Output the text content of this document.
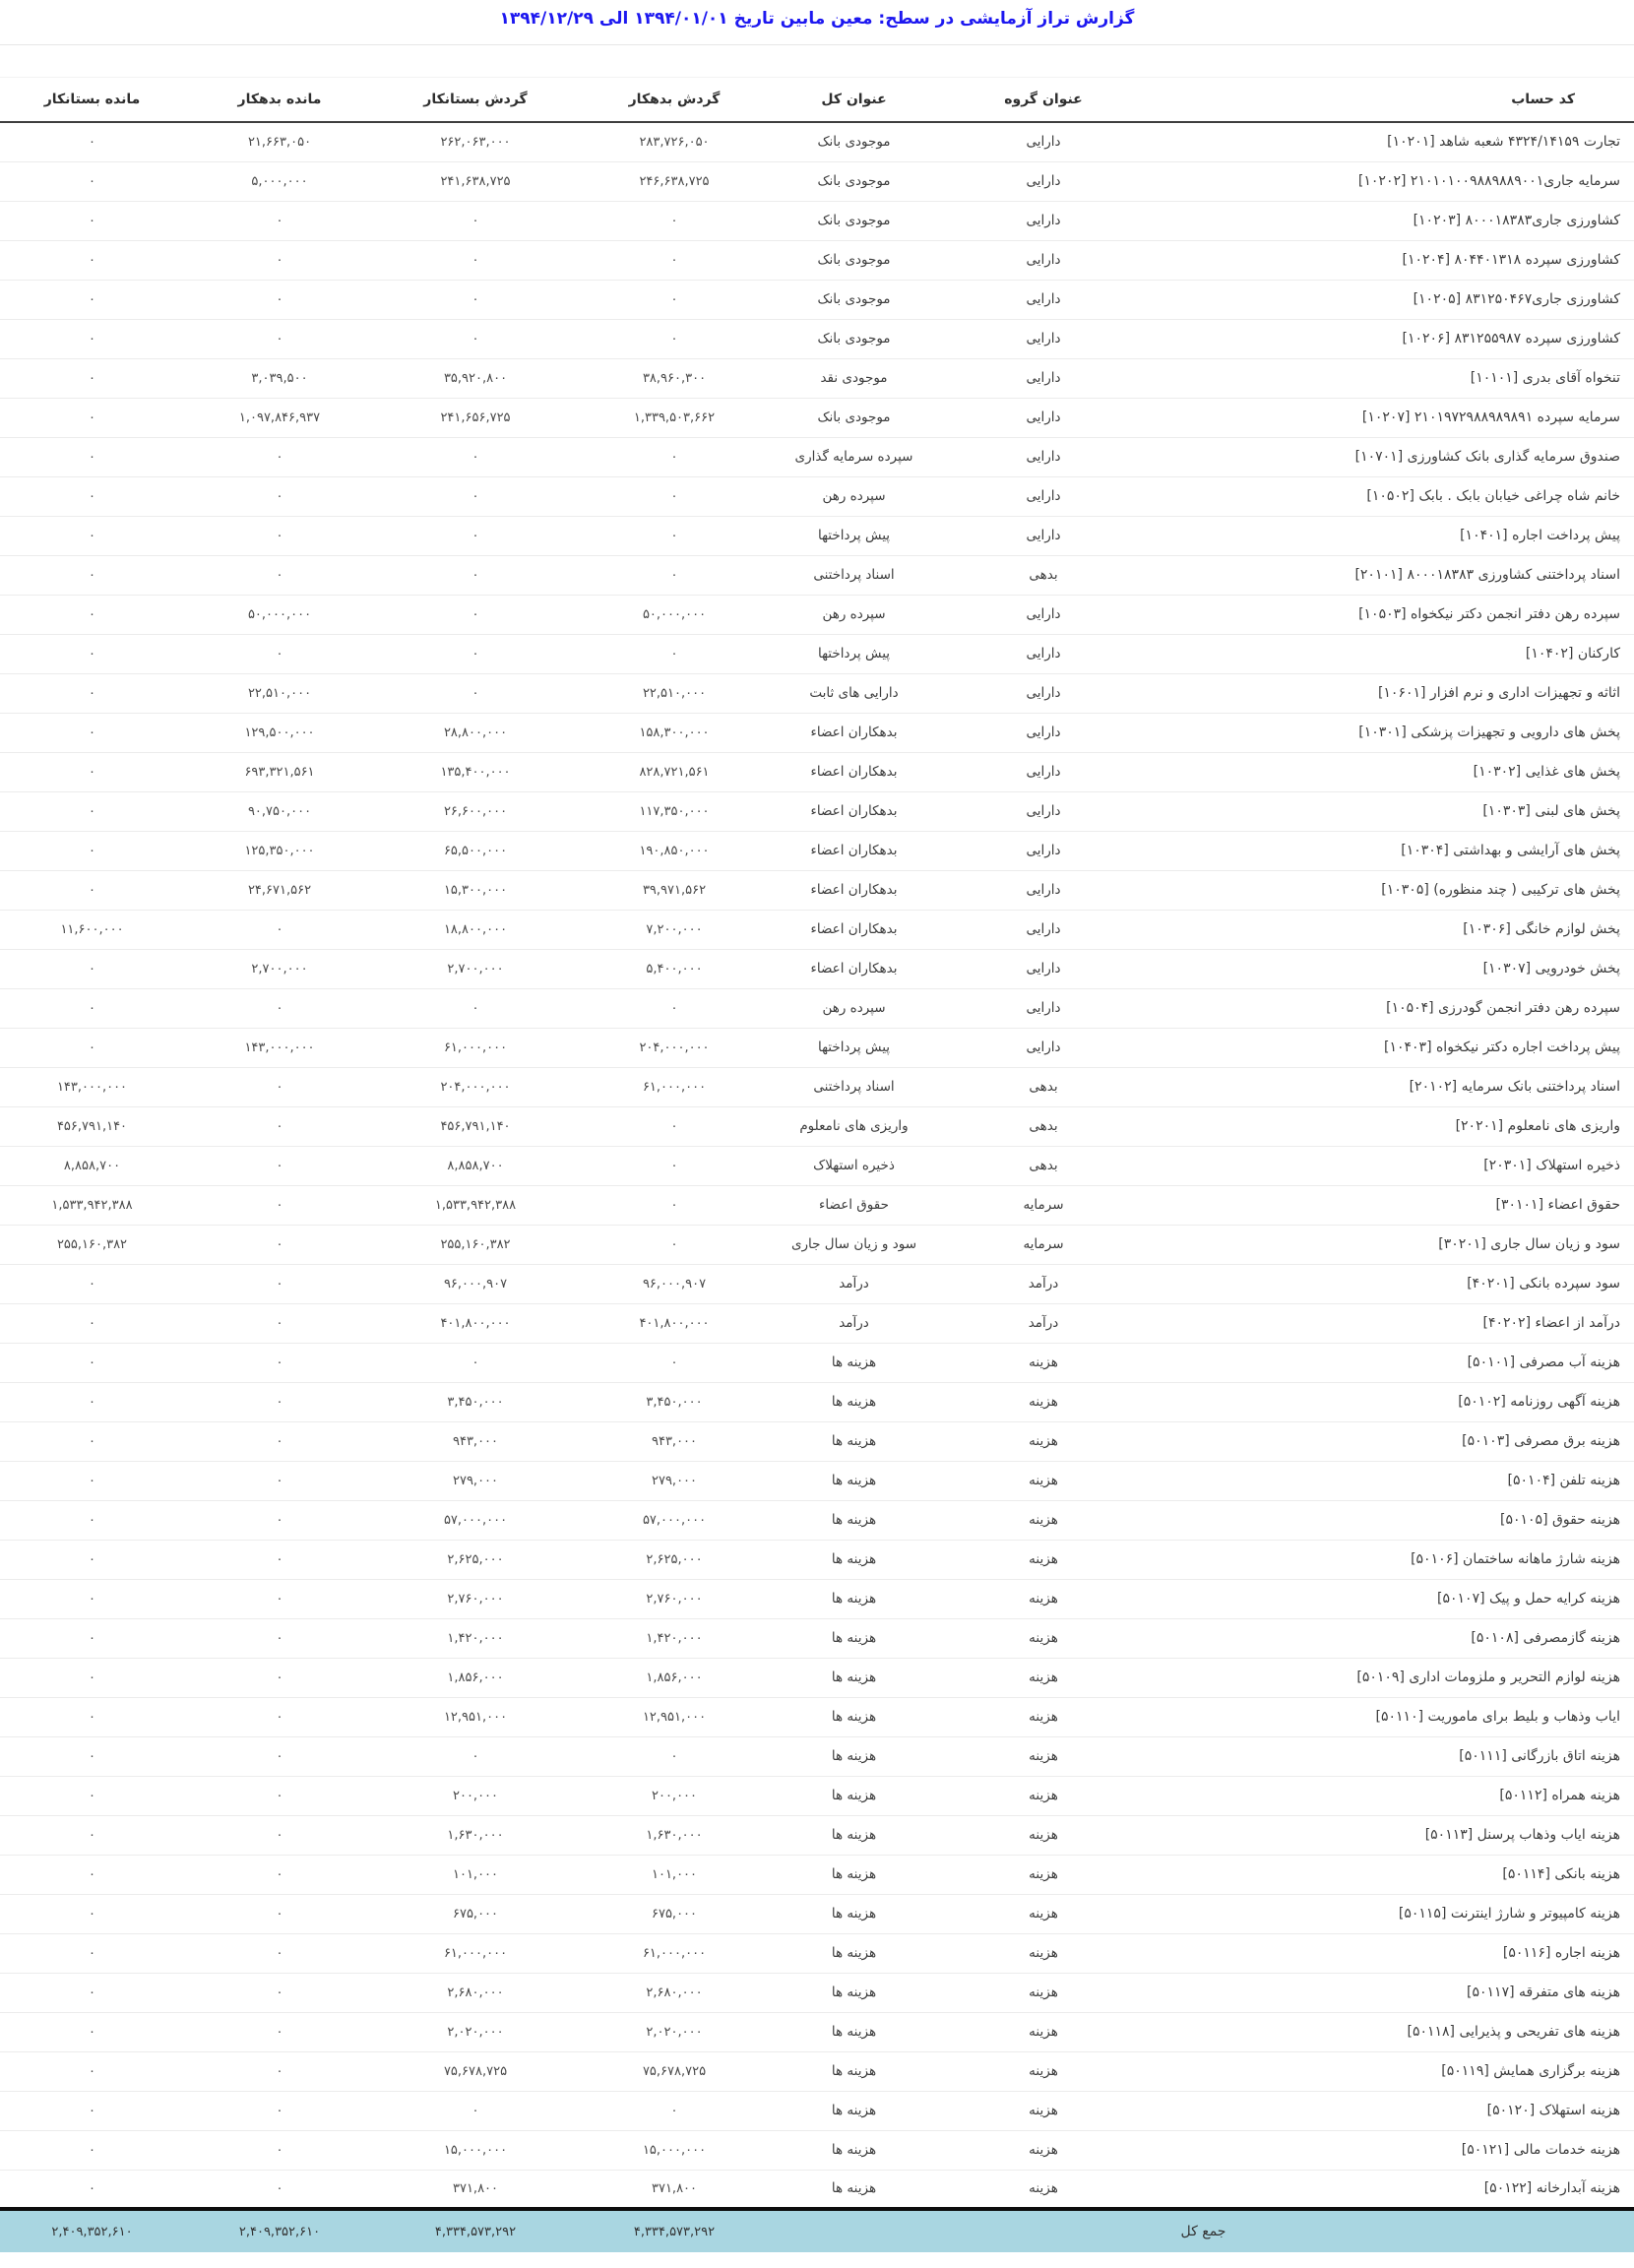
گزارش تراز آزمایشی در سطح: معین مابین تاریخ ۱۳۹۴/۰۱/۰۱ الی ۱۳۹۴/۱۲/۲۹
کد حساب	عنوان گروه	عنوان کل	گردش بدهکار	گردش بستانکار	مانده بدهکار	مانده بستانکار
تجارت ۴۳۲۴/۱۴۱۵۹ شعبه شاهد [۱۰۲۰۱]	دارایی	موجودی بانک	۲۸۳,۷۲۶,۰۵۰	۲۶۲,۰۶۳,۰۰۰	۲۱,۶۶۳,۰۵۰	۰
سرمایه جاری۲۱۰۱۰۱۰۰۹۸۸۹۸۸۹۰۰۱ [۱۰۲۰۲]	دارایی	موجودی بانک	۲۴۶,۶۳۸,۷۲۵	۲۴۱,۶۳۸,۷۲۵	۵,۰۰۰,۰۰۰	۰
کشاورزی جاری۸۰۰۰۱۸۳۸۳ [۱۰۲۰۳]	دارایی	موجودی بانک	۰	۰	۰	۰
کشاورزی سپرده ۸۰۴۴۰۱۳۱۸ [۱۰۲۰۴]	دارایی	موجودی بانک	۰	۰	۰	۰
کشاورزی جاری۸۳۱۲۵۰۴۶۷ [۱۰۲۰۵]	دارایی	موجودی بانک	۰	۰	۰	۰
کشاورزی سپرده ۸۳۱۲۵۵۹۸۷ [۱۰۲۰۶]	دارایی	موجودی بانک	۰	۰	۰	۰
تنخواه آقای بدری [۱۰۱۰۱]	دارایی	موجودی نقد	۳۸,۹۶۰,۳۰۰	۳۵,۹۲۰,۸۰۰	۳,۰۳۹,۵۰۰	۰
سرمایه سپرده ۲۱۰۱۹۷۲۹۸۸۹۸۹۸۹۱ [۱۰۲۰۷]	دارایی	موجودی بانک	۱,۳۳۹,۵۰۳,۶۶۲	۲۴۱,۶۵۶,۷۲۵	۱,۰۹۷,۸۴۶,۹۳۷	۰
صندوق سرمایه گذاری بانک کشاورزی [۱۰۷۰۱]	دارایی	سپرده سرمایه گذاری	۰	۰	۰	۰
خانم شاه چراغی خیابان بابک . بابک [۱۰۵۰۲]	دارایی	سپرده رهن	۰	۰	۰	۰
پیش پرداخت اجاره [۱۰۴۰۱]	دارایی	پیش پرداختها	۰	۰	۰	۰
اسناد پرداختنی کشاورزی ۸۰۰۰۱۸۳۸۳ [۲۰۱۰۱]	بدهی	اسناد پرداختنی	۰	۰	۰	۰
سپرده رهن دفتر انجمن دکتر نیکخواه [۱۰۵۰۳]	دارایی	سپرده رهن	۵۰,۰۰۰,۰۰۰	۰	۵۰,۰۰۰,۰۰۰	۰
کارکنان [۱۰۴۰۲]	دارایی	پیش پرداختها	۰	۰	۰	۰
اثاثه و تجهیزات اداری و نرم افزار [۱۰۶۰۱]	دارایی	دارایی های ثابت	۲۲,۵۱۰,۰۰۰	۰	۲۲,۵۱۰,۰۰۰	۰
پخش های دارویی و تجهیزات پزشکی [۱۰۳۰۱]	دارایی	بدهکاران اعضاء	۱۵۸,۳۰۰,۰۰۰	۲۸,۸۰۰,۰۰۰	۱۲۹,۵۰۰,۰۰۰	۰
پخش های غذایی [۱۰۳۰۲]	دارایی	بدهکاران اعضاء	۸۲۸,۷۲۱,۵۶۱	۱۳۵,۴۰۰,۰۰۰	۶۹۳,۳۲۱,۵۶۱	۰
پخش های لبنی [۱۰۳۰۳]	دارایی	بدهکاران اعضاء	۱۱۷,۳۵۰,۰۰۰	۲۶,۶۰۰,۰۰۰	۹۰,۷۵۰,۰۰۰	۰
پخش های آرایشی و بهداشتی [۱۰۳۰۴]	دارایی	بدهکاران اعضاء	۱۹۰,۸۵۰,۰۰۰	۶۵,۵۰۰,۰۰۰	۱۲۵,۳۵۰,۰۰۰	۰
پخش های ترکیبی ( چند منظوره) [۱۰۳۰۵]	دارایی	بدهکاران اعضاء	۳۹,۹۷۱,۵۶۲	۱۵,۳۰۰,۰۰۰	۲۴,۶۷۱,۵۶۲	۰
پخش لوازم خانگی [۱۰۳۰۶]	دارایی	بدهکاران اعضاء	۷,۲۰۰,۰۰۰	۱۸,۸۰۰,۰۰۰	۰	۱۱,۶۰۰,۰۰۰
پخش خودرویی [۱۰۳۰۷]	دارایی	بدهکاران اعضاء	۵,۴۰۰,۰۰۰	۲,۷۰۰,۰۰۰	۲,۷۰۰,۰۰۰	۰
سپرده رهن دفتر انجمن گودرزی [۱۰۵۰۴]	دارایی	سپرده رهن	۰	۰	۰	۰
پیش پرداخت اجاره دکتر نیکخواه [۱۰۴۰۳]	دارایی	پیش پرداختها	۲۰۴,۰۰۰,۰۰۰	۶۱,۰۰۰,۰۰۰	۱۴۳,۰۰۰,۰۰۰	۰
اسناد پرداختنی بانک سرمایه [۲۰۱۰۲]	بدهی	اسناد پرداختنی	۶۱,۰۰۰,۰۰۰	۲۰۴,۰۰۰,۰۰۰	۰	۱۴۳,۰۰۰,۰۰۰
واریزی های نامعلوم [۲۰۲۰۱]	بدهی	واریزی های نامعلوم	۰	۴۵۶,۷۹۱,۱۴۰	۰	۴۵۶,۷۹۱,۱۴۰
ذخیره استهلاک [۲۰۳۰۱]	بدهی	ذخیره استهلاک	۰	۸,۸۵۸,۷۰۰	۰	۸,۸۵۸,۷۰۰
حقوق اعضاء [۳۰۱۰۱]	سرمایه	حقوق اعضاء	۰	۱,۵۳۳,۹۴۲,۳۸۸	۰	۱,۵۳۳,۹۴۲,۳۸۸
سود و زیان سال جاری [۳۰۲۰۱]	سرمایه	سود و زیان سال جاری	۰	۲۵۵,۱۶۰,۳۸۲	۰	۲۵۵,۱۶۰,۳۸۲
سود سپرده بانکی [۴۰۲۰۱]	درآمد	درآمد	۹۶,۰۰۰,۹۰۷	۹۶,۰۰۰,۹۰۷	۰	۰
درآمد از اعضاء [۴۰۲۰۲]	درآمد	درآمد	۴۰۱,۸۰۰,۰۰۰	۴۰۱,۸۰۰,۰۰۰	۰	۰
هزینه آب مصرفی [۵۰۱۰۱]	هزینه	هزینه ها	۰	۰	۰	۰
هزینه آگهی روزنامه [۵۰۱۰۲]	هزینه	هزینه ها	۳,۴۵۰,۰۰۰	۳,۴۵۰,۰۰۰	۰	۰
هزینه برق مصرفی [۵۰۱۰۳]	هزینه	هزینه ها	۹۴۳,۰۰۰	۹۴۳,۰۰۰	۰	۰
هزینه تلفن [۵۰۱۰۴]	هزینه	هزینه ها	۲۷۹,۰۰۰	۲۷۹,۰۰۰	۰	۰
هزینه حقوق [۵۰۱۰۵]	هزینه	هزینه ها	۵۷,۰۰۰,۰۰۰	۵۷,۰۰۰,۰۰۰	۰	۰
هزینه شارژ ماهانه ساختمان [۵۰۱۰۶]	هزینه	هزینه ها	۲,۶۲۵,۰۰۰	۲,۶۲۵,۰۰۰	۰	۰
هزینه کرایه حمل و پیک [۵۰۱۰۷]	هزینه	هزینه ها	۲,۷۶۰,۰۰۰	۲,۷۶۰,۰۰۰	۰	۰
هزینه گازمصرفی [۵۰۱۰۸]	هزینه	هزینه ها	۱,۴۲۰,۰۰۰	۱,۴۲۰,۰۰۰	۰	۰
هزینه لوازم التحریر و ملزومات اداری [۵۰۱۰۹]	هزینه	هزینه ها	۱,۸۵۶,۰۰۰	۱,۸۵۶,۰۰۰	۰	۰
ایاب وذهاب و بلیط برای ماموریت [۵۰۱۱۰]	هزینه	هزینه ها	۱۲,۹۵۱,۰۰۰	۱۲,۹۵۱,۰۰۰	۰	۰
هزینه اتاق بازرگانی [۵۰۱۱۱]	هزینه	هزینه ها	۰	۰	۰	۰
هزینه همراه [۵۰۱۱۲]	هزینه	هزینه ها	۲۰۰,۰۰۰	۲۰۰,۰۰۰	۰	۰
هزینه ایاب وذهاب پرسنل [۵۰۱۱۳]	هزینه	هزینه ها	۱,۶۳۰,۰۰۰	۱,۶۳۰,۰۰۰	۰	۰
هزینه بانکی [۵۰۱۱۴]	هزینه	هزینه ها	۱۰۱,۰۰۰	۱۰۱,۰۰۰	۰	۰
هزینه کامپیوتر و شارژ اینترنت [۵۰۱۱۵]	هزینه	هزینه ها	۶۷۵,۰۰۰	۶۷۵,۰۰۰	۰	۰
هزینه اجاره [۵۰۱۱۶]	هزینه	هزینه ها	۶۱,۰۰۰,۰۰۰	۶۱,۰۰۰,۰۰۰	۰	۰
هزینه های متفرقه [۵۰۱۱۷]	هزینه	هزینه ها	۲,۶۸۰,۰۰۰	۲,۶۸۰,۰۰۰	۰	۰
هزینه های تفریحی و پذیرایی [۵۰۱۱۸]	هزینه	هزینه ها	۲,۰۲۰,۰۰۰	۲,۰۲۰,۰۰۰	۰	۰
هزینه برگزاری همایش [۵۰۱۱۹]	هزینه	هزینه ها	۷۵,۶۷۸,۷۲۵	۷۵,۶۷۸,۷۲۵	۰	۰
هزینه استهلاک [۵۰۱۲۰]	هزینه	هزینه ها	۰	۰	۰	۰
هزینه خدمات مالی [۵۰۱۲۱]	هزینه	هزینه ها	۱۵,۰۰۰,۰۰۰	۱۵,۰۰۰,۰۰۰	۰	۰
هزینه آبدارخانه [۵۰۱۲۲]	هزینه	هزینه ها	۳۷۱,۸۰۰	۳۷۱,۸۰۰	۰	۰
جمع کل			۴,۳۳۴,۵۷۳,۲۹۲	۴,۳۳۴,۵۷۳,۲۹۲	۲,۴۰۹,۳۵۲,۶۱۰	۲,۴۰۹,۳۵۲,۶۱۰
